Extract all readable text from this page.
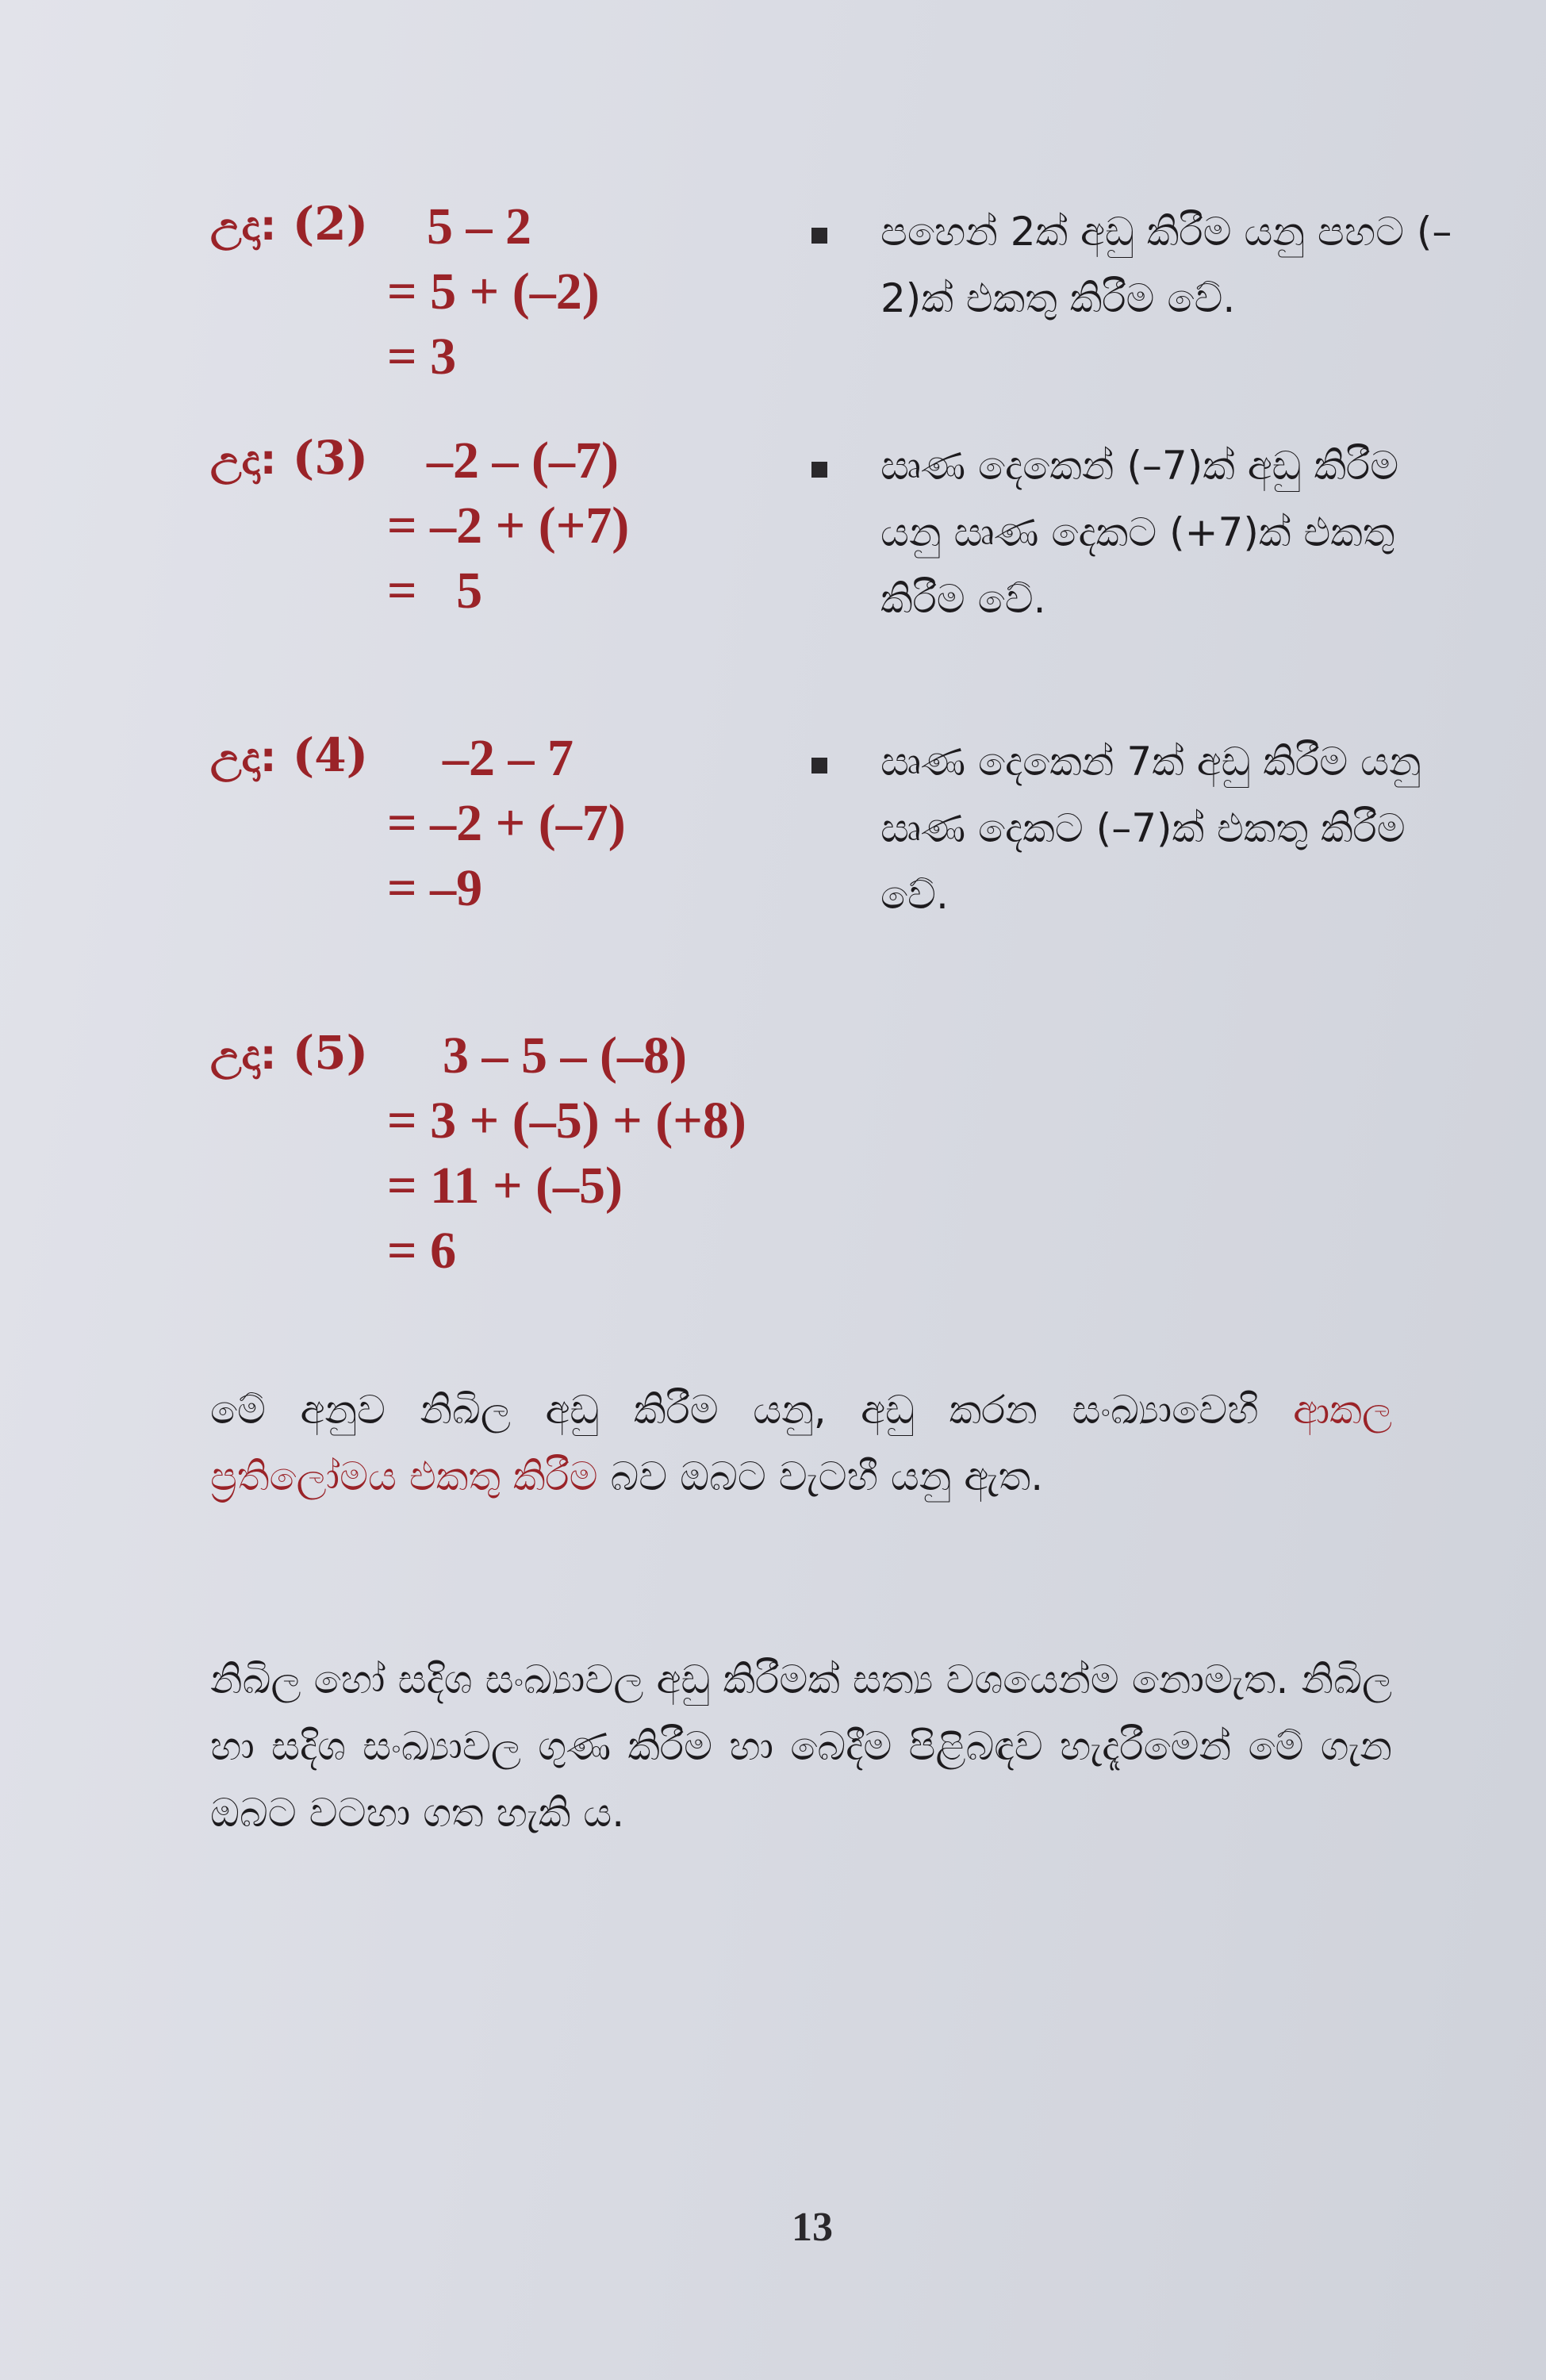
උදා: (2) 5 – 2
= 5 + (–2)
= 3
පහෙන් 2ක් අඩු කිරීම යනු පහට (–2)ක් එකතු කිරීම වේ.
උදා: (3) –2 – (–7)
= –2 + (+7)
=   5
ඍණ දෙකෙන් (–7)ක් අඩු කිරීම යනු ඍණ දෙකට (+7)ක් එකතු කිරීම වේ.
උදා: (4) –2 – 7
= –2 + (–7)
= –9
ඍණ දෙකෙන් 7ක් අඩු කිරීම යනු ඍණ දෙකට (–7)ක් එකතු කිරීම වේ.
උදා: (5) 3 – 5 – (–8)
= 3 + (–5) + (+8)
= 11 + (–5)
= 6
මේ අනුව නිඛිල අඩු කිරීම යනු, අඩු කරන සංඛ්‍යාවෙහි ආකල ප්‍රතිලෝමය එකතු කිරීම බව ඔබට වැටහී යනු ඇත.
නිඛිල හෝ සදිශ සංඛ්‍යාවල අඩු කිරීමක් සත්‍ය වශයෙන්ම නොමැත. නිඛිල හා සදිශ සංඛ්‍යාවල ගුණ කිරීම හා බෙදීම පිළිබඳව හැදෑරීමෙන් මේ ගැන ඔබට වටහා ගත හැකි ය.
13
